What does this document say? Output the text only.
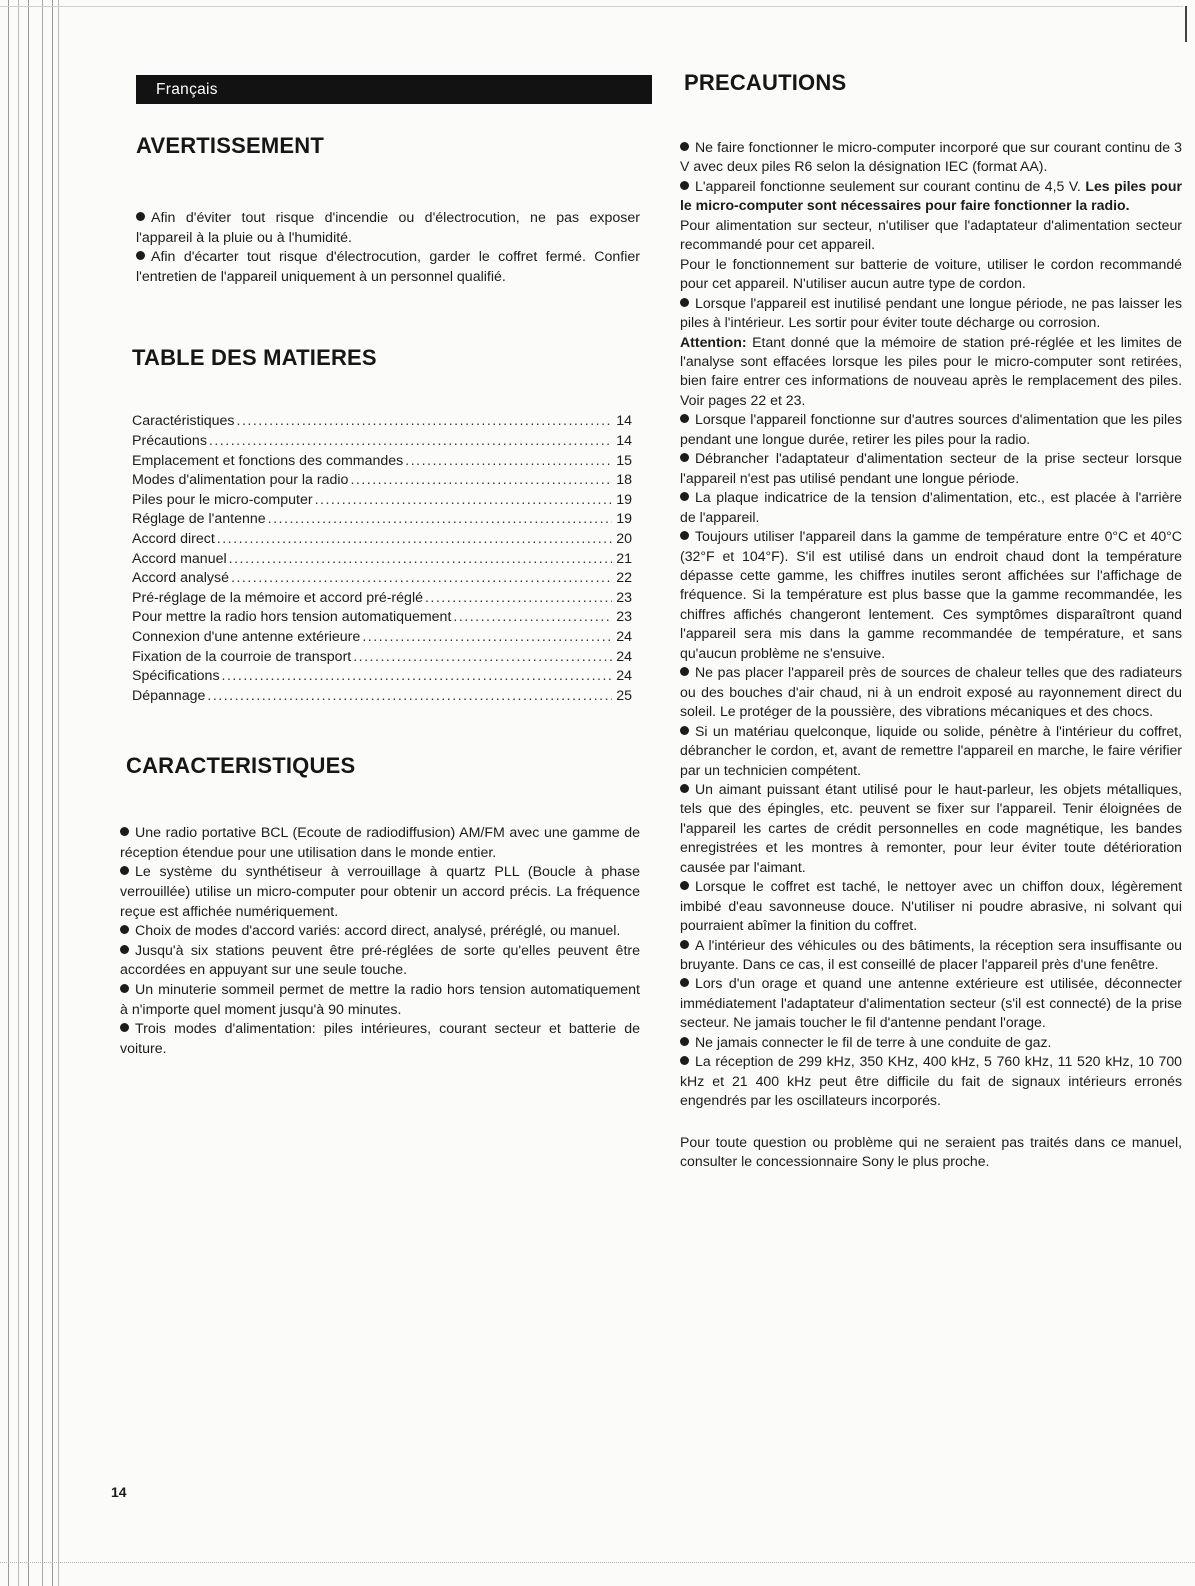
Français
AVERTISSEMENT

Afin d'éviter tout risque d'incendie ou d'électrocution, ne pas exposer l'appareil à la pluie ou à l'humidité.

Afin d'écarter tout risque d'électrocution, garder le coffret fermé. Confier l'entretien de l'appareil uniquement à un personnel qualifié.

TABLE DES MATIERES
Caractéristiques .....	14
Précautions .....	14
Emplacement et fonctions des commandes .....	15
Modes d'alimentation pour la radio .....	18
Piles pour le micro-computer .....	19
Réglage de l'antenne .....	19
Accord direct .....	20
Accord manuel .....	21
Accord analysé .....	22
Pré-réglage de la mémoire et accord pré-réglé .....	23
Pour mettre la radio hors tension automatiquement .....	23
Connexion d'une antenne extérieure .....	24
Fixation de la courroie de transport .....	24
Spécifications .....	24
Dépannage .....	25
CARACTERISTIQUES

Une radio portative BCL (Ecoute de radiodiffusion) AM/FM avec une gamme de réception étendue pour une utilisation dans le monde entier.

Le système du synthétiseur à verrouillage à quartz PLL (Boucle à phase verrouillée) utilise un micro-computer pour obtenir un accord précis. La fréquence reçue est affichée numériquement.

Choix de modes d'accord variés: accord direct, analysé, préréglé, ou manuel.

Jusqu'à six stations peuvent être pré-réglées de sorte qu'elles peuvent être accordées en appuyant sur une seule touche.

Un minuterie sommeil permet de mettre la radio hors tension automatiquement à n'importe quel moment jusqu'à 90 minutes.

Trois modes d'alimentation: piles intérieures, courant secteur et batterie de voiture.

14
PRECAUTIONS

Ne faire fonctionner le micro-computer incorporé que sur courant continu de 3 V avec deux piles R6 selon la désignation IEC (format AA).

L'appareil fonctionne seulement sur courant continu de 4,5 V. Les piles pour le micro-computer sont nécessaires pour faire fonctionner la radio.

Pour alimentation sur secteur, n'utiliser que l'adaptateur d'alimentation secteur recommandé pour cet appareil.

Pour le fonctionnement sur batterie de voiture, utiliser le cordon recommandé pour cet appareil. N'utiliser aucun autre type de cordon.

Lorsque l'appareil est inutilisé pendant une longue période, ne pas laisser les piles à l'intérieur. Les sortir pour éviter toute décharge ou corrosion.

Attention: Etant donné que la mémoire de station pré-réglée et les limites de l'analyse sont effacées lorsque les piles pour le micro-computer sont retirées, bien faire entrer ces informations de nouveau après le remplacement des piles. Voir pages 22 et 23.

Lorsque l'appareil fonctionne sur d'autres sources d'alimentation que les piles pendant une longue durée, retirer les piles pour la radio.

Débrancher l'adaptateur d'alimentation secteur de la prise secteur lorsque l'appareil n'est pas utilisé pendant une longue période.

La plaque indicatrice de la tension d'alimentation, etc., est placée à l'arrière de l'appareil.

Toujours utiliser l'appareil dans la gamme de température entre 0°C et 40°C (32°F et 104°F). S'il est utilisé dans un endroit chaud dont la température dépasse cette gamme, les chiffres inutiles seront affichées sur l'affichage de fréquence. Si la température est plus basse que la gamme recommandée, les chiffres affichés changeront lentement. Ces symptômes disparaîtront quand l'appareil sera mis dans la gamme recommandée de température, et sans qu'aucun problème ne s'ensuive.

Ne pas placer l'appareil près de sources de chaleur telles que des radiateurs ou des bouches d'air chaud, ni à un endroit exposé au rayonnement direct du soleil. Le protéger de la poussière, des vibrations mécaniques et des chocs.

Si un matériau quelconque, liquide ou solide, pénètre à l'intérieur du coffret, débrancher le cordon, et, avant de remettre l'appareil en marche, le faire vérifier par un technicien compétent.

Un aimant puissant étant utilisé pour le haut-parleur, les objets métalliques, tels que des épingles, etc. peuvent se fixer sur l'appareil. Tenir éloignées de l'appareil les cartes de crédit personnelles en code magnétique, les bandes enregistrées et les montres à remonter, pour leur éviter toute détérioration causée par l'aimant.

Lorsque le coffret est taché, le nettoyer avec un chiffon doux, légèrement imbibé d'eau savonneuse douce. N'utiliser ni poudre abrasive, ni solvant qui pourraient abîmer la finition du coffret.

A l'intérieur des véhicules ou des bâtiments, la réception sera insuffisante ou bruyante. Dans ce cas, il est conseillé de placer l'appareil près d'une fenêtre.

Lors d'un orage et quand une antenne extérieure est utilisée, déconnecter immédiatement l'adaptateur d'alimentation secteur (s'il est connecté) de la prise secteur. Ne jamais toucher le fil d'antenne pendant l'orage.

Ne jamais connecter le fil de terre à une conduite de gaz.

La réception de 299 kHz, 350 KHz, 400 kHz, 5 760 kHz, 11 520 kHz, 10 700 kHz et 21 400 kHz peut être difficile du fait de signaux intérieurs erronés engendrés par les oscillateurs incorporés.

Pour toute question ou problème qui ne seraient pas traités dans ce manuel, consulter le concessionnaire Sony le plus proche.
